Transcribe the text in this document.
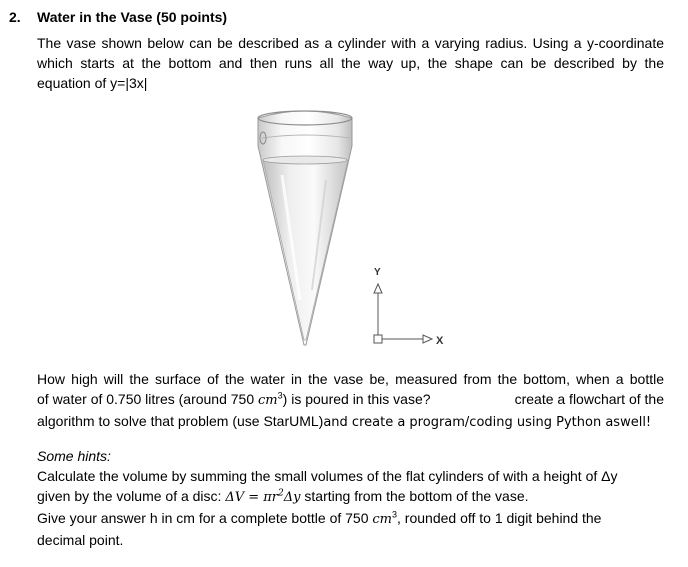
2. Water in the Vase (50 points)
The vase shown below can be described as a cylinder with a varying radius. Using a y-coordinate
which starts at the bottom and then runs all the way up, the shape can be described by the
equation of y=|3x|
Y
X
How high will the surface of the water in the vase be, measured from the bottom, when a bottle
of water of 0.750 litres (around 750 $cm^3$) is poured in this vase?	create a flowchart of the
algorithm to solve that problem (use StarUML)and create a program/coding using Python aswell!
Some hints:
Calculate the volume by summing the small volumes of the flat cylinders of with a height of Δy
given by the volume of a disc: $\Delta V = \pi r^2\Delta y$ starting from the bottom of the vase.
Give your answer h in cm for a complete bottle of 750 $cm^3$, rounded off to 1 digit behind the
decimal point.
